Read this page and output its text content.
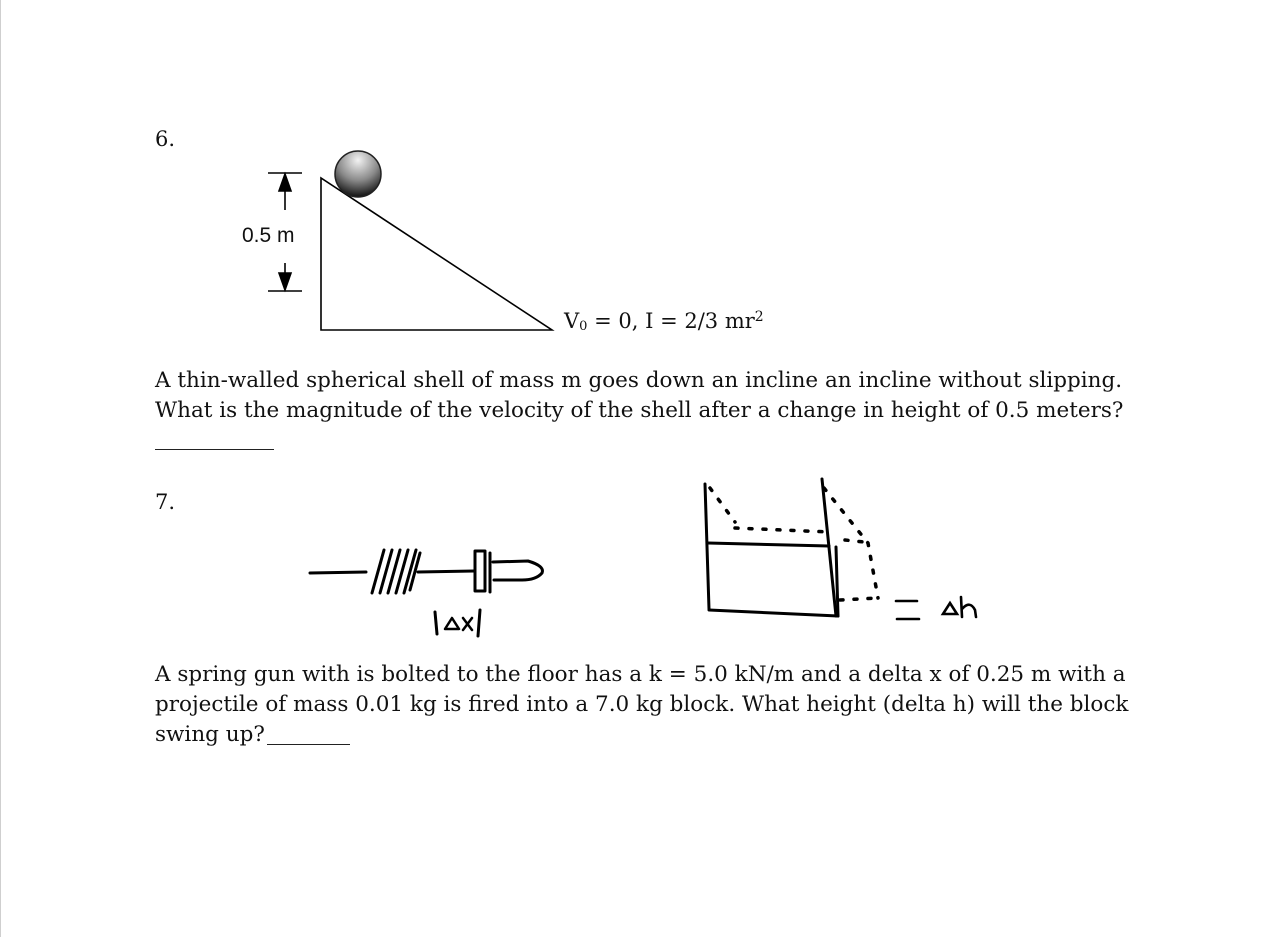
6.
0.5 m
$V_0 = 0$, I = 2/3 $mr^2$
A thin-walled spherical shell of mass m goes down an incline an incline without slipping.
What is the magnitude of the velocity of the shell after a change in height of 0.5 meters?
7.
A spring gun with is bolted to the floor has a k = 5.0 kN/m and a delta x of 0.25 m with a
projectile of mass 0.01 kg is fired into a 7.0 kg block. What height (delta h) will the block
swing up?
